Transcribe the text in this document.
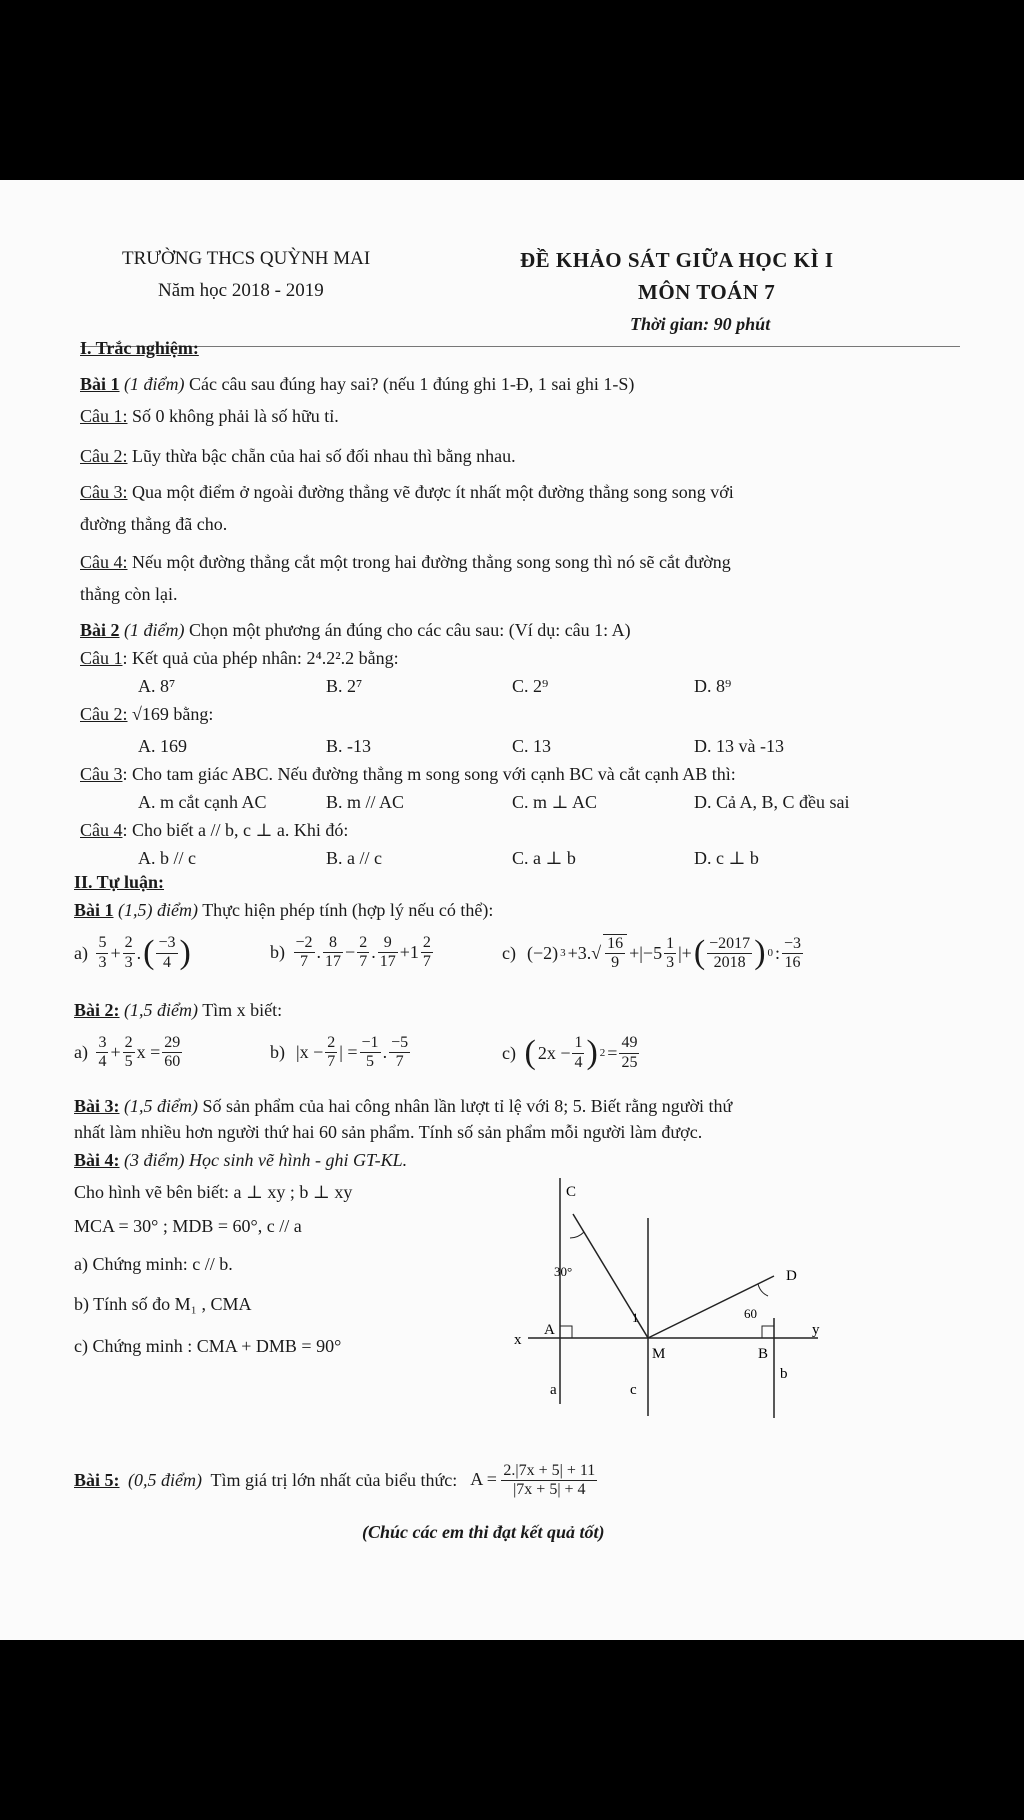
TRƯỜNG THCS QUỲNH MAI
Năm học 2018 - 2019
ĐỀ KHẢO SÁT GIỮA HỌC KÌ I
MÔN TOÁN 7
Thời gian: 90 phút
I. Trắc nghiệm:
Bài 1 (1 điểm) Các câu sau đúng hay sai? (nếu 1 đúng ghi 1-Đ, 1 sai ghi 1-S)
Câu 1: Số 0 không phải là số hữu tỉ.
Câu 2: Lũy thừa bậc chẵn của hai số đối nhau thì bằng nhau.
Câu 3: Qua một điểm ở ngoài đường thẳng vẽ được ít nhất một đường thẳng song song với
đường thẳng đã cho.
Câu 4: Nếu một đường thẳng cắt một trong hai đường thẳng song song thì nó sẽ cắt đường
thẳng còn lại.
Bài 2 (1 điểm) Chọn một phương án đúng cho các câu sau: (Ví dụ: câu 1: A)
Câu 1: Kết quả của phép nhân: 2⁴.2².2 bằng:
A. 8⁷	B. 2⁷	C. 2⁹	D. 8⁹
Câu 2: √169 bằng:
A. 169	B. -13	C. 13	D. 13 và -13
Câu 3: Cho tam giác ABC. Nếu đường thẳng m song song với cạnh BC và cắt cạnh AB thì:
A. m cắt cạnh AC	B. m // AC	C. m ⊥ AC	D. Cả A, B, C đều sai
Câu 4: Cho biết a // b, c ⊥ a. Khi đó:
A. b // c	B. a // c	C. a ⊥ b	D. c ⊥ b
II. Tự luận:
Bài 1 (1,5) điểm) Thực hiện phép tính (hợp lý nếu có thể):
a)
$\frac{5}{3} + \frac{2}{3}$ . ( $\frac{-3}{4}$ )	b)
$\frac{-2}{7}$ . $\frac{8}{17} - \frac{2}{7}$ . $\frac{9}{17} +1 \frac{2}{7}$	c) (−2) $3 +3.√ \frac{16}{9} +|-5 \frac{1}{3}$ |+ ( $\frac{-2017}{2018}$ ) 0 : $\frac{-3}{16}$
Bài 2: (1,5 điểm) Tìm x biết:
a)
$\frac{3}{4} + \frac{2}{5}$ $x = \frac{29}{60}$	b) $|x - \frac{2}{7}$ | = $\frac{-1}{5}$ . $\frac{-5}{7}$	c)
( $2x - \frac{1}{4}$ ) $2 = \frac{49}{25}$
Bài 3: (1,5 điểm) Số sản phẩm của hai công nhân lần lượt tỉ lệ với 8; 5. Biết rằng người thứ
nhất làm nhiều hơn người thứ hai 60 sản phẩm. Tính số sản phẩm mỗi người làm được.
Bài 4: (3 điểm) Học sinh vẽ hình - ghi GT-KL.
Cho hình vẽ bên biết: a ⊥ xy ; b ⊥ xy
MCA = 30° ; MDB = 60°, c // a
a) Chứng minh: c // b.
b) Tính số đo M₁ , CMA
c) Chứng minh : CMA + DMB = 90°
C
D
30°
60
1
A
M	B
x
y
a	c
b
Bài 5:
(0,5 điểm)
Tìm giá trị lớn nhất của biểu thức:
$A = \frac{2.|7x + 5| + 11}{|7x + 5| + 4}$
(Chúc các em thi đạt kết quả tốt)
